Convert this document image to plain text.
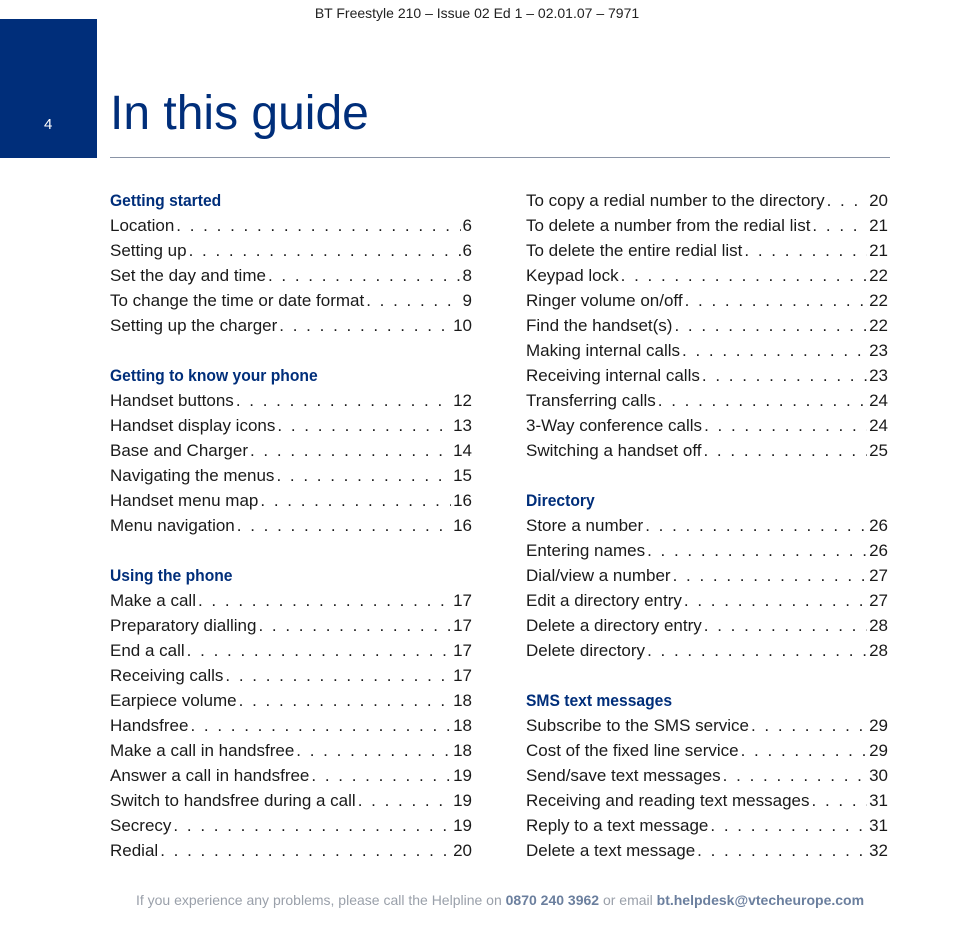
BT Freestyle 210 – Issue 02 Ed 1 – 02.01.07 – 7971
4 In this guide
Getting started
Location . . .	6
Setting up . . .	6
Set the day and time . . .	8
To change the time or date format . . .	9
Setting up the charger . . .	10
Getting to know your phone
Handset buttons . . .	12
Handset display icons . . .	13
Base and Charger . . .	14
Navigating the menus . . .	15
Handset menu map . . .	16
Menu navigation . . .	16
Using the phone
Make a call . . .	17
Preparatory dialling . . .	17
End a call . . .	17
Receiving calls . . .	17
Earpiece volume . . .	18
Handsfree . . .	18
Make a call in handsfree . . .	18
Answer a call in handsfree . . .	19
Switch to handsfree during a call . . .	19
Secrecy . . .	19
Redial . . .	20
To copy a redial number to the directory . . .	20
To delete a number from the redial list . . .	21
To delete the entire redial list . . .	21
Keypad lock . . .	22
Ringer volume on/off . . .	22
Find the handset(s) . . .	22
Making internal calls . . .	23
Receiving internal calls . . .	23
Transferring calls . . .	24
3-Way conference calls . . .	24
Switching a handset off . . .	25
Directory
Store a number . . .	26
Entering names . . .	26
Dial/view a number . . .	27
Edit a directory entry . . .	27
Delete a directory entry . . .	28
Delete directory . . .	28
SMS text messages
Subscribe to the SMS service . . .	29
Cost of the fixed line service . . .	29
Send/save text messages . . .	30
Receiving and reading text messages . . .	31
Reply to a text message . . .	31
Delete a text message . . .	32
If you experience any problems, please call the Helpline on 0870 240 3962 or email bt.helpdesk@vtecheurope.com
